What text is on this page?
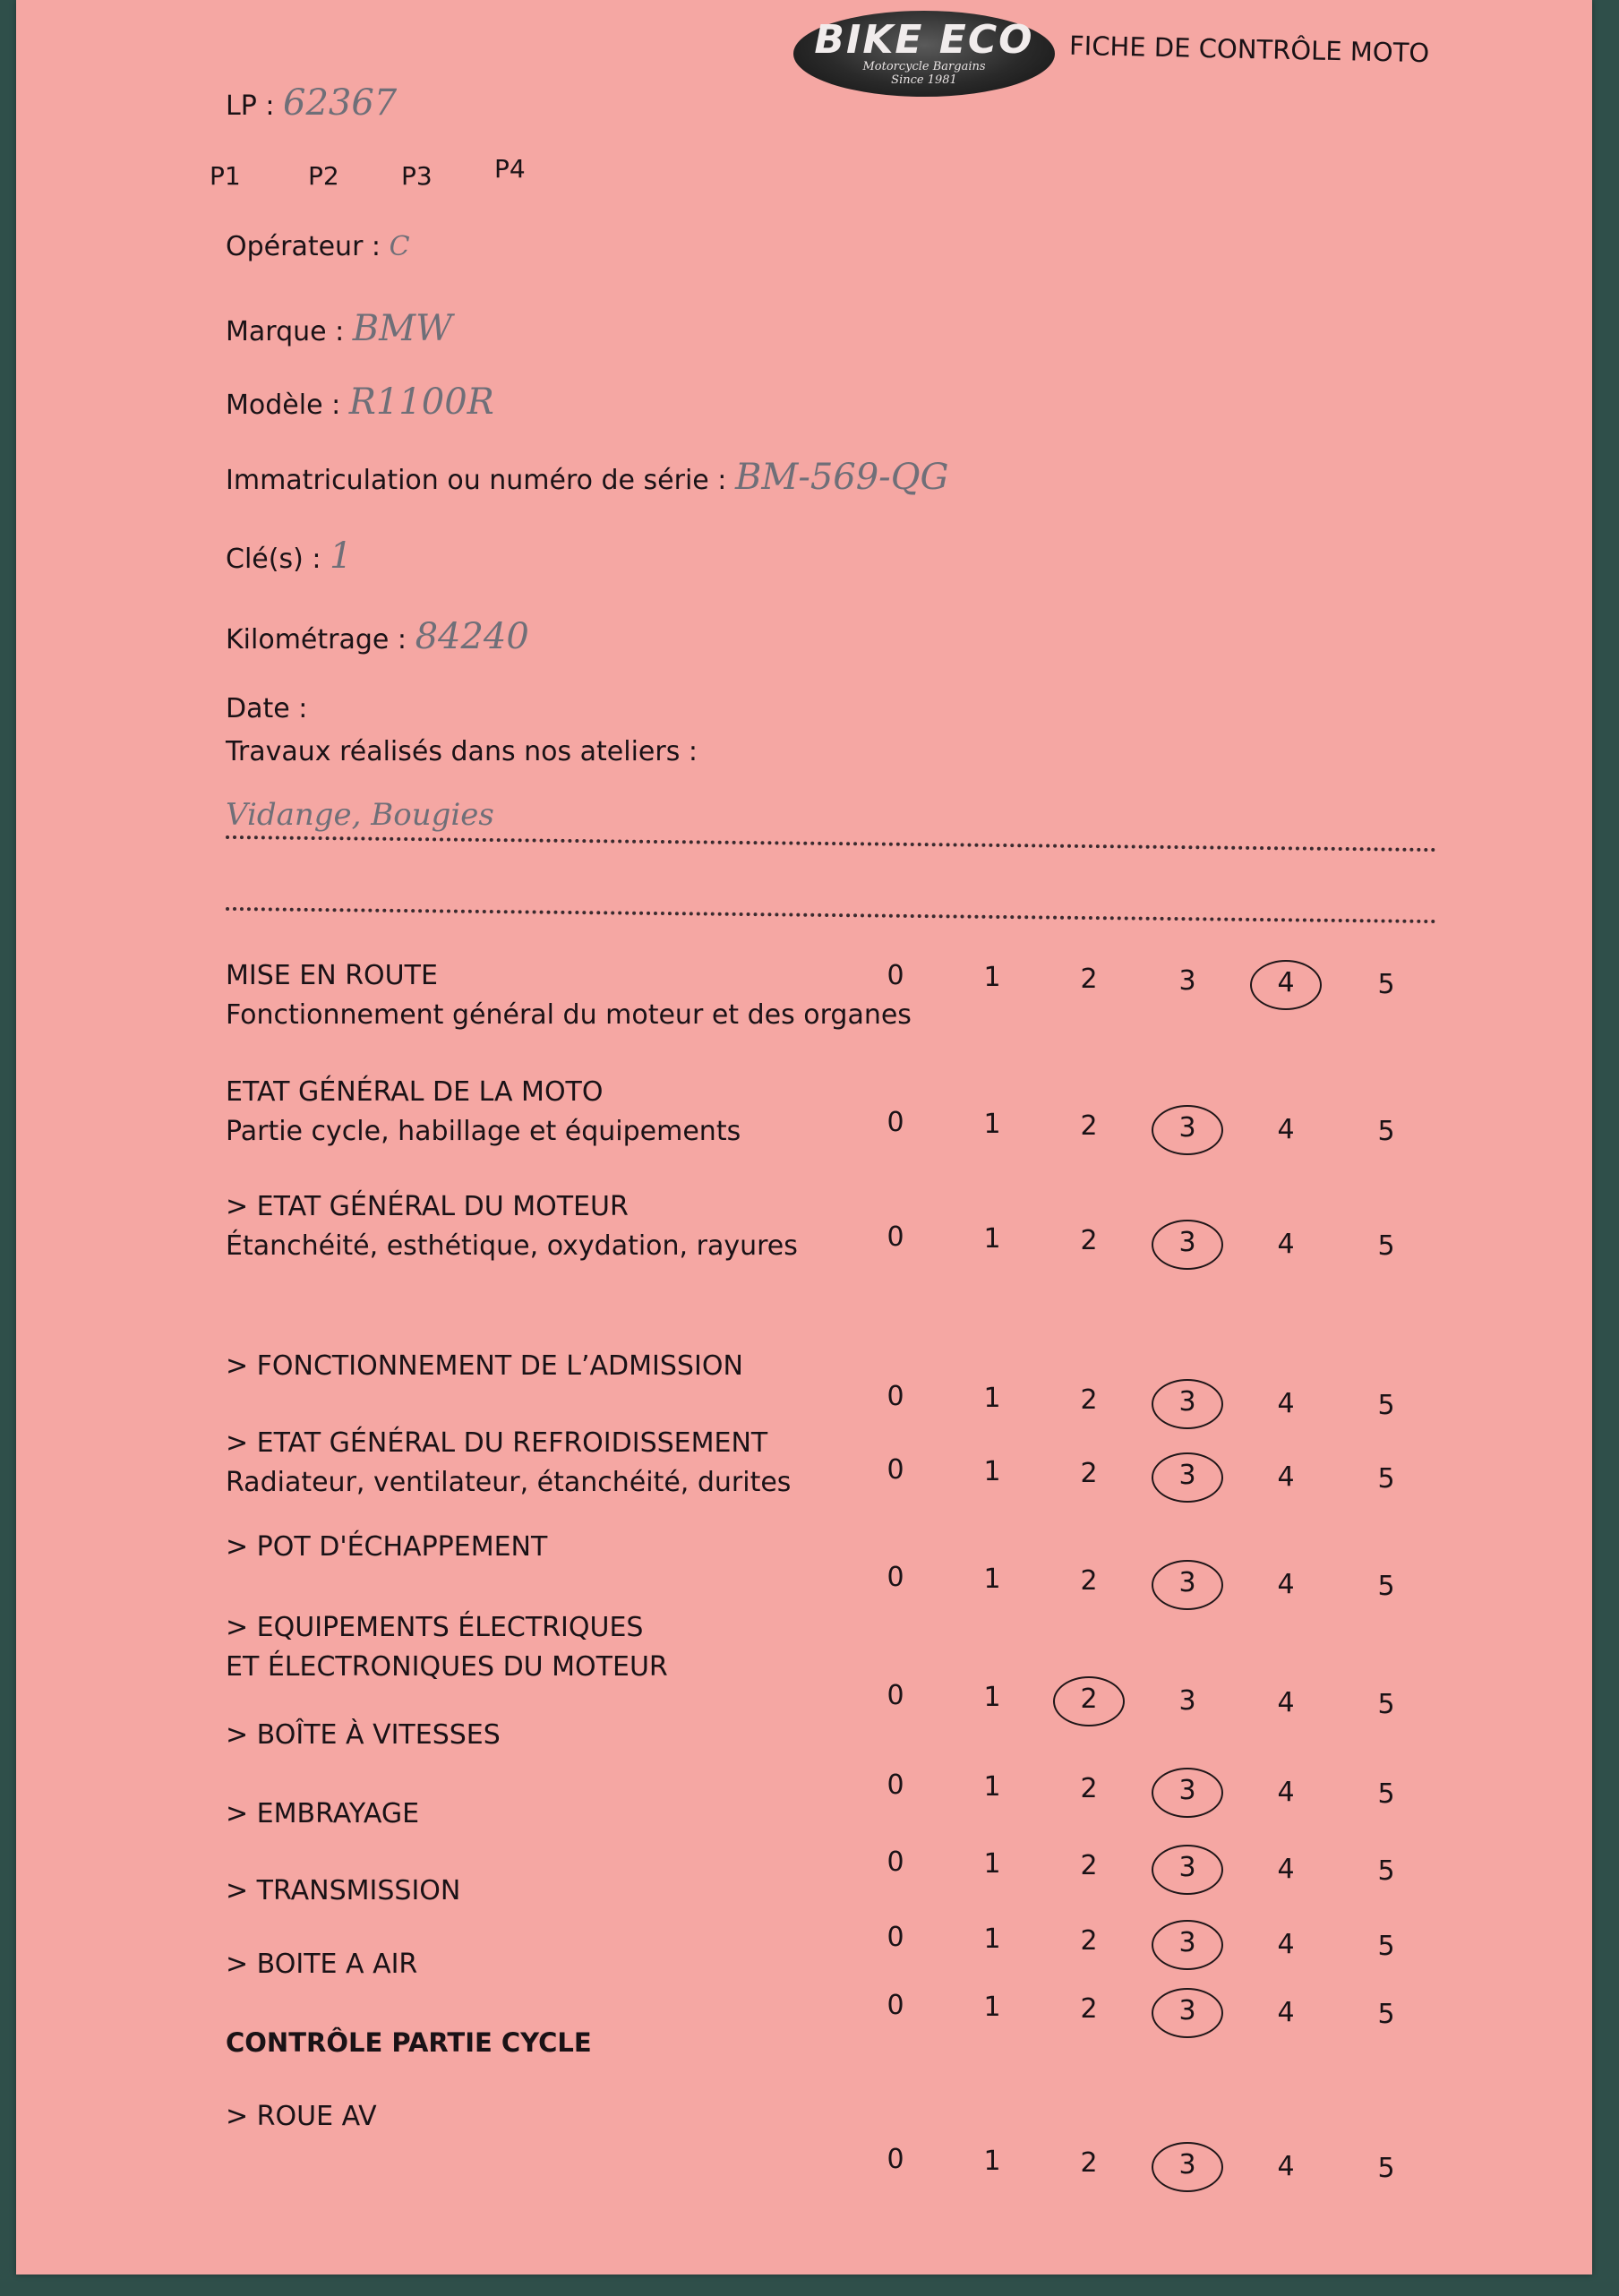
BIKE ECO
Motorcycle Bargains
Since 1981
FICHE DE CONTRÔLE MOTO
LP : 62367
P1	P2 P3 P4
Opérateur : C
Marque : BMW
Modèle : R1100R
Immatriculation ou numéro de série : BM-569-QG
Clé(s) : 1
Kilométrage : 84240
Date :
Travaux réalisés dans nos ateliers :
Vidange, Bougies
MISE EN ROUTE
Fonctionnement général du moteur et des organes
0	1	2	3	4	5
ETAT GÉNÉRAL DE LA MOTO
Partie cycle, habillage et équipements	0	1	2	3	4	5
> ETAT GÉNÉRAL DU MOTEUR
Étanchéité, esthétique, oxydation, rayures	0	1	2	3	4	5
> FONCTIONNEMENT DE L’ADMISSION
0	1	2	3	4	5
> ETAT GÉNÉRAL DU REFROIDISSEMENT
Radiateur, ventilateur, étanchéité, durites	0	1	2	3	4	5
> POT D'ÉCHAPPEMENT
0	1	2	3	4	5
> EQUIPEMENTS ÉLECTRIQUES
ET ÉLECTRONIQUES DU MOTEUR
0	1	2	3	4	5
> BOÎTE À VITESSES
0	1	2	3	4	5
> EMBRAYAGE
0	1	2	3	4	5
> TRANSMISSION
0	1	2	3	4	5
> BOITE A AIR
0	1	2	3	4	5
> ROUE AV
0	1	2	3	4	5
CONTRÔLE PARTIE CYCLE
